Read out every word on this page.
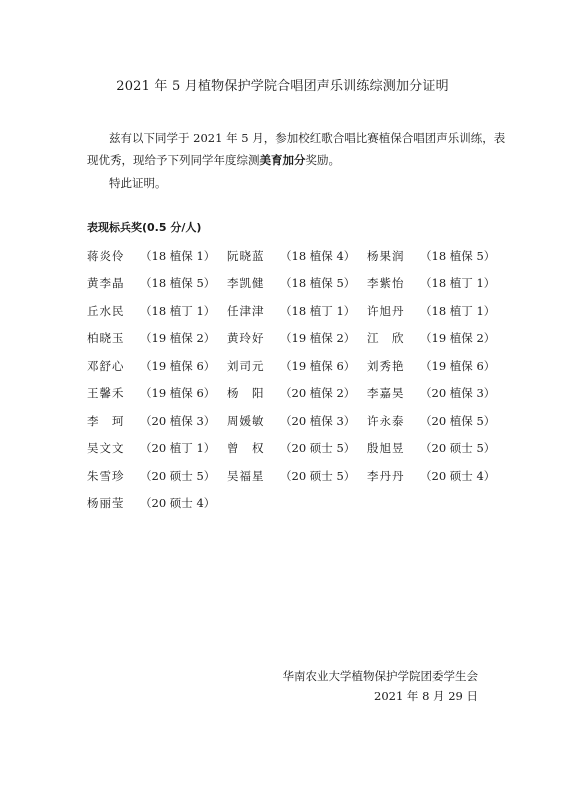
2021 年 5 月植物保护学院合唱团声乐训练综测加分证明
兹有以下同学于 2021 年 5 月，参加校红歌合唱比赛植保合唱团声乐训练，表现优秀，现给予下列同学年度综测美育加分奖励。
特此证明。
表现标兵奖(0.5 分/人)
蒋炎伶	（18 植保 1） 阮晓蓝	（18 植保 4） 杨果润	（18 植保 5）
黄李晶	（18 植保 5） 李凯健	（18 植保 5） 李紫怡	（18 植丁 1）
丘水民	（18 植丁 1） 任津津	（18 植丁 1） 许旭丹	（18 植丁 1）
柏晓玉	（19 植保 2） 黄玲好	（19 植保 2） 江　欣	（19 植保 2）
邓舒心	（19 植保 6） 刘司元	（19 植保 6） 刘秀艳	（19 植保 6）
王馨禾	（19 植保 6） 杨　阳	（20 植保 2） 李嘉昊	（20 植保 3）
李　珂	（20 植保 3） 周媛敏	（20 植保 3） 许永泰	（20 植保 5）
吴文文	（20 植丁 1） 曾　权	（20 硕士 5） 殷旭昱	（20 硕士 5）
朱雪珍	（20 硕士 5） 吴福星	（20 硕士 5） 李丹丹	（20 硕士 4）
杨丽莹	（20 硕士 4）
华南农业大学植物保护学院团委学生会
2021 年 8 月 29 日
